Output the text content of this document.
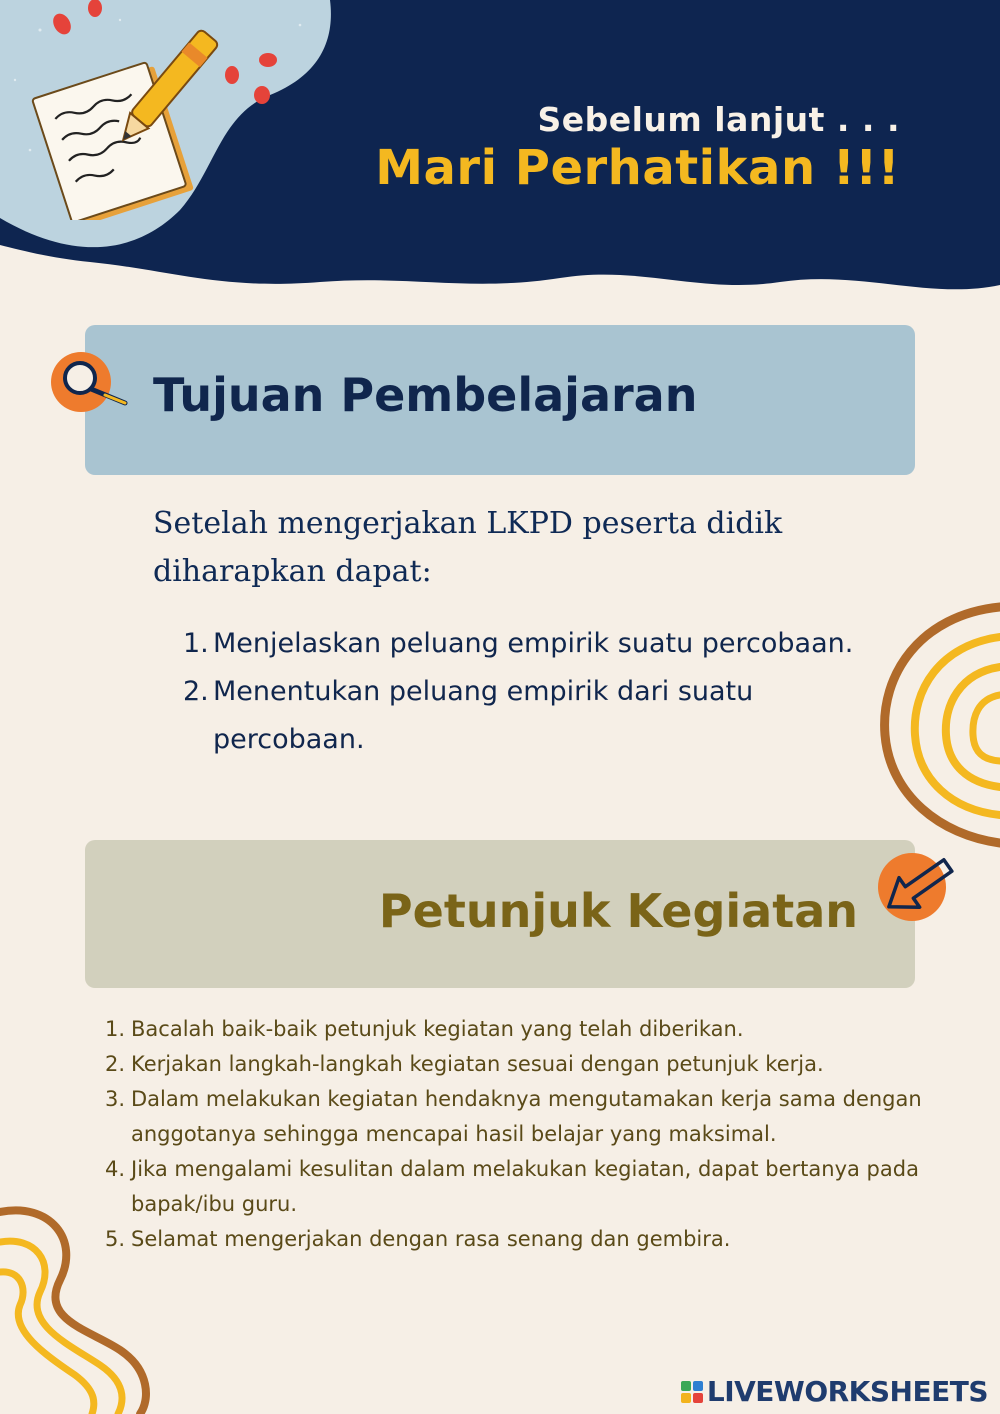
Sebelum lanjut . . .
Mari Perhatikan !!!
Tujuan Pembelajaran

Setelah mengerjakan LKPD peserta didik diharapkan dapat:

1. Menjelaskan peluang empirik suatu percobaan.
2. Menentukan peluang empirik dari suatu percobaan.
Petunjuk Kegiatan
1. Bacalah baik-baik petunjuk kegiatan yang telah diberikan.
2. Kerjakan langkah-langkah kegiatan sesuai dengan petunjuk kerja.
3. Dalam melakukan kegiatan hendaknya mengutamakan kerja sama dengan anggotanya sehingga mencapai hasil belajar yang maksimal.
4. Jika mengalami kesulitan dalam melakukan kegiatan, dapat bertanya pada bapak/ibu guru.
5. Selamat mengerjakan dengan rasa senang dan gembira.
LIVEWORKSHEETS
